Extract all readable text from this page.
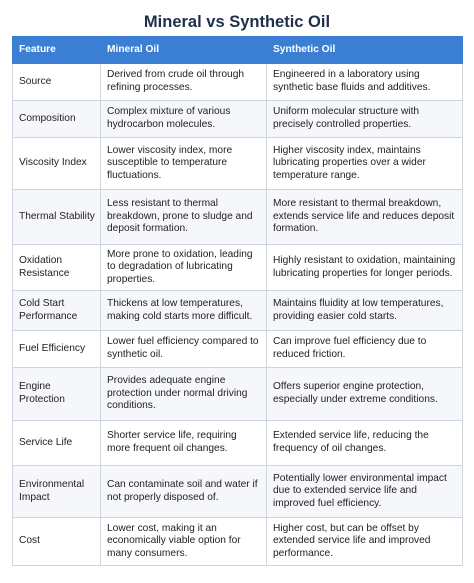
Mineral vs Synthetic Oil
Feature	Mineral Oil	Synthetic Oil
Source	Derived from crude oil through refining processes.	Engineered in a laboratory using synthetic base fluids and additives.
Composition	Complex mixture of various hydrocarbon molecules.	Uniform molecular structure with precisely controlled properties.
Viscosity Index	Lower viscosity index, more susceptible to temperature fluctuations.	Higher viscosity index, maintains lubricating properties over a wider temperature range.
Thermal Stability	Less resistant to thermal breakdown, prone to sludge and deposit formation.	More resistant to thermal breakdown, extends service life and reduces deposit formation.
Oxidation Resistance	More prone to oxidation, leading to degradation of lubricating properties.	Highly resistant to oxidation, maintaining lubricating properties for longer periods.
Cold Start Performance	Thickens at low temperatures, making cold starts more difficult.	Maintains fluidity at low temperatures, providing easier cold starts.
Fuel Efficiency	Lower fuel efficiency compared to synthetic oil.	Can improve fuel efficiency due to reduced friction.
Engine Protection	Provides adequate engine protection under normal driving conditions.	Offers superior engine protection, especially under extreme conditions.
Service Life	Shorter service life, requiring more frequent oil changes.	Extended service life, reducing the frequency of oil changes.
Environmental Impact	Can contaminate soil and water if not properly disposed of.	Potentially lower environmental impact due to extended service life and improved fuel efficiency.
Cost	Lower cost, making it an economically viable option for many consumers.	Higher cost, but can be offset by extended service life and improved performance.
